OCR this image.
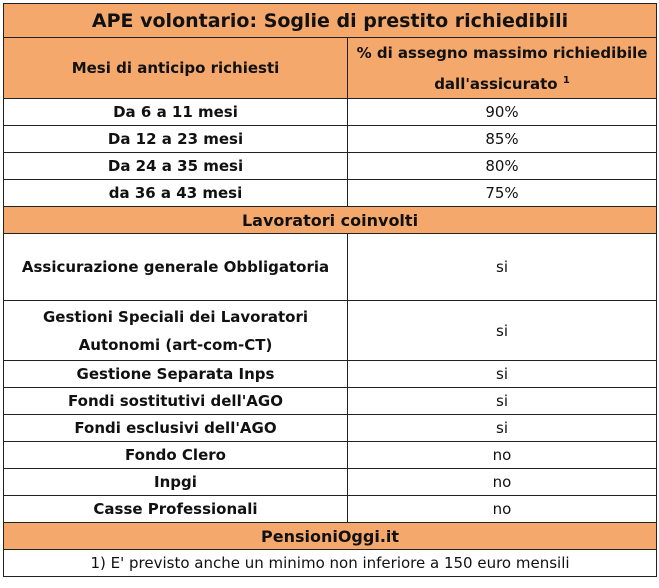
APE volontario: Soglie di prestito richiedibili	
Mesi di anticipo richiesti	% di assegno massimo richiedibile
dall'assicurato $^1$
Da 6 a 11 mesi	90%
Da 12 a 23 mesi	85%
Da 24 a 35 mesi	80%
da 36 a 43 mesi	75%
Lavoratori coinvolti	
Assicurazione generale Obbligatoria	si
Gestioni Speciali dei Lavoratori
Autonomi (art-com-CT)	si
Gestione Separata Inps	si
Fondi sostitutivi dell'AGO	si
Fondi esclusivi dell'AGO	si
Fondo Clero	no
Inpgi	no
Casse Professionali	no
PensioniOggi.it	
1) E' previsto anche un minimo non inferiore a 150 euro mensili	
